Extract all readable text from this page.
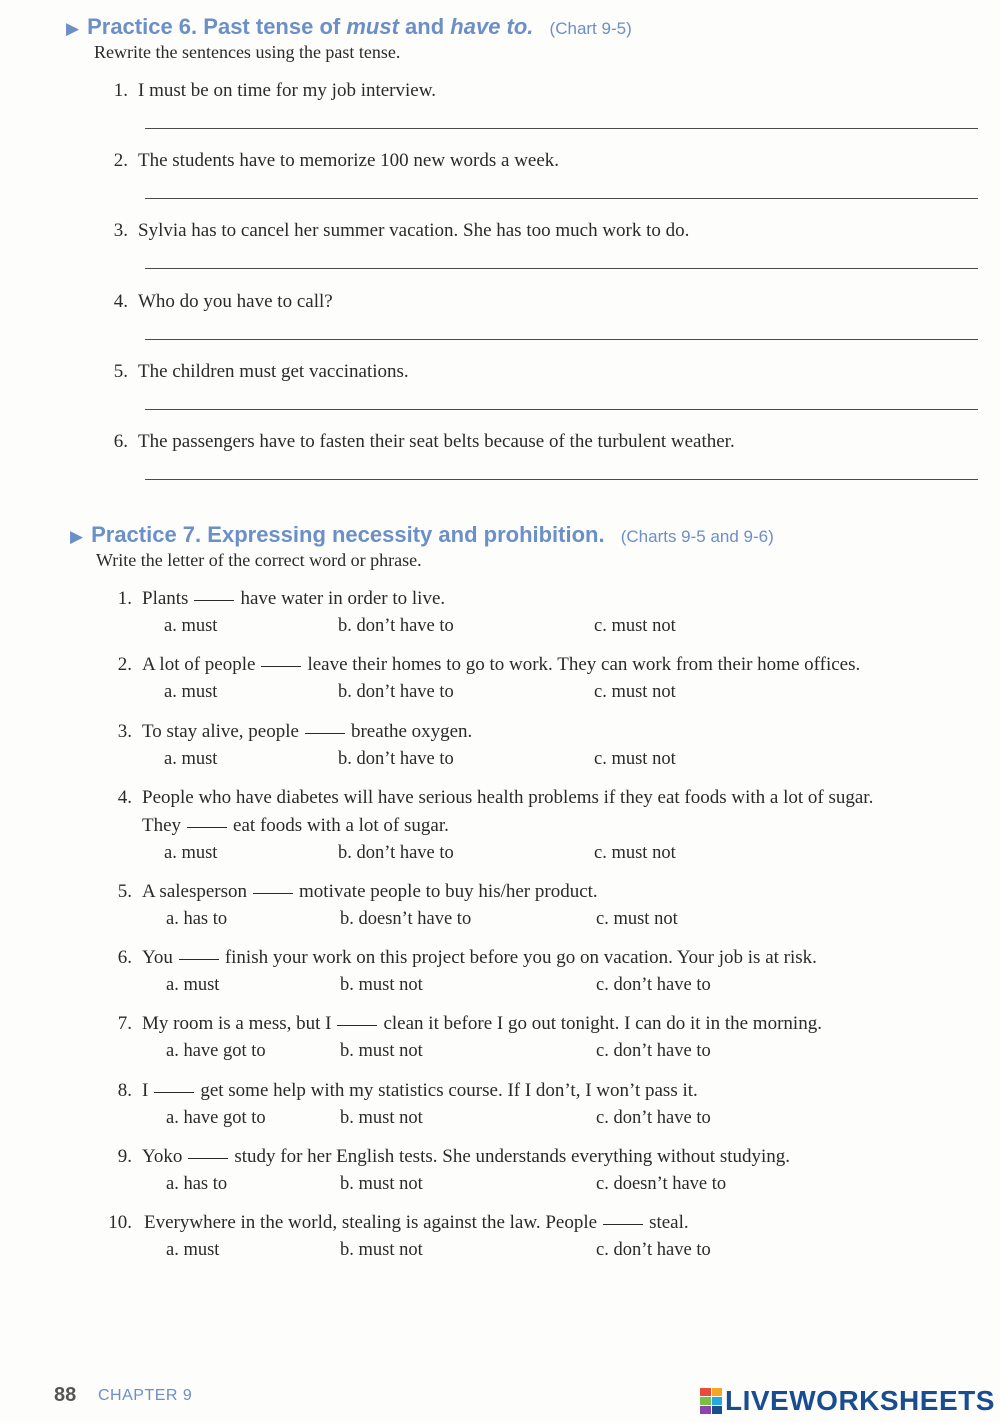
▶ Practice 6. Past tense of must and have to. (Chart 9-5)
Rewrite the sentences using the past tense.
1. I must be on time for my job interview.
2. The students have to memorize 100 new words a week.
3. Sylvia has to cancel her summer vacation. She has too much work to do.
4. Who do you have to call?
5. The children must get vaccinations.
6. The passengers have to fasten their seat belts because of the turbulent weather.
▶ Practice 7. Expressing necessity and prohibition. (Charts 9-5 and 9-6)
Write the letter of the correct word or phrase.
1. Plants	have water in order to live.
a. must	b. don’t have to	c. must not
2. A lot of people	leave their homes to go to work. They can work from their home offices.
a. must	b. don’t have to	c. must not
3. To stay alive, people	breathe oxygen.
a. must	b. don’t have to	c. must not
4. People who have diabetes will have serious health problems if they eat foods with a lot of sugar.
They	eat foods with a lot of sugar.
a. must	b. don’t have to	c. must not
5. A salesperson	motivate people to buy his/her product.
a. has to	b. doesn’t have to	c. must not
6. You	finish your work on this project before you go on vacation. Your job is at risk.
a. must	b. must not	c. don’t have to
7. My room is a mess, but I	clean it before I go out tonight. I can do it in the morning.
a. have got to	b. must not	c. don’t have to
8. I	get some help with my statistics course. If I don’t, I won’t pass it.
a. have got to	b. must not	c. don’t have to
9. Yoko	study for her English tests. She understands everything without studying.
a. has to	b. must not	c. doesn’t have to
10. Everywhere in the world, stealing is against the law. People	steal.
a. must	b. must not	c. don’t have to
88 CHAPTER 9	LIVEWORKSHEETS
